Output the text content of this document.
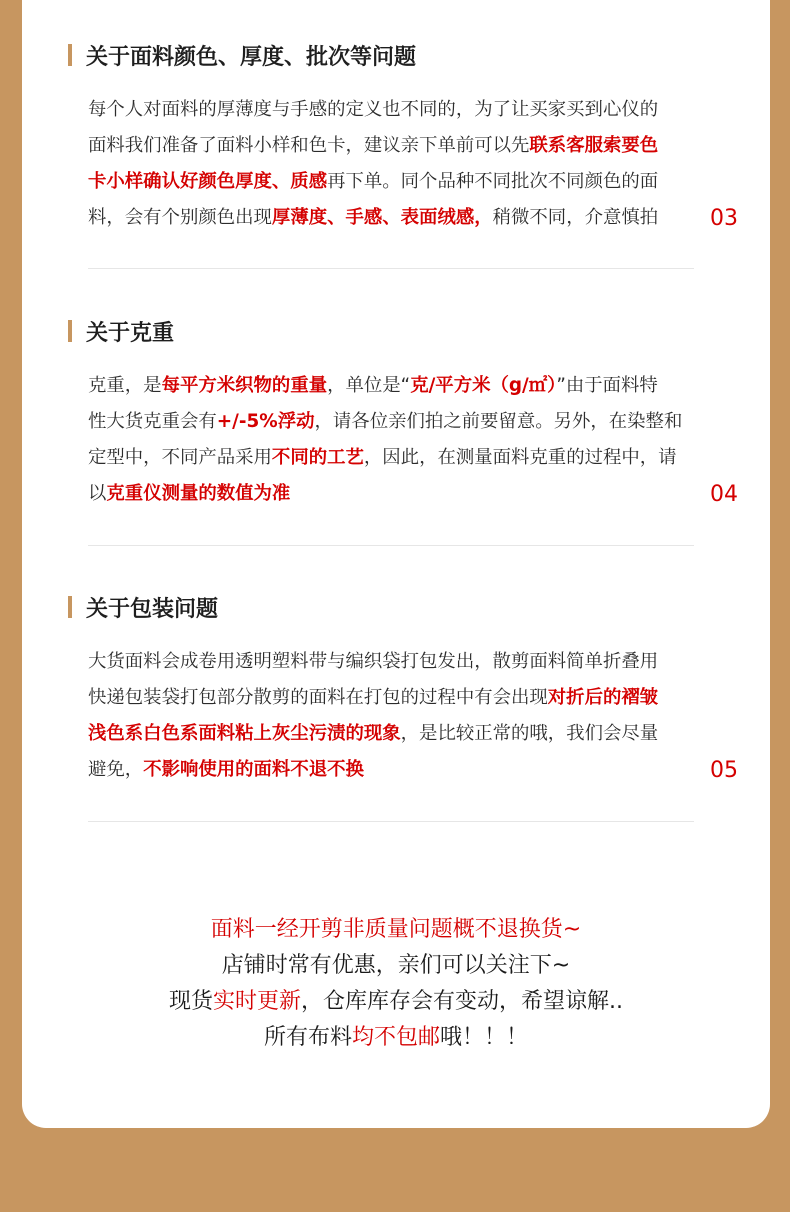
关于面料颜色、厚度、批次等问题
每个人对面料的厚薄度与手感的定义也不同的，为了让买家买到心仪的
面料我们准备了面料小样和色卡，建议亲下单前可以先联系客服索要色
卡小样确认好颜色厚度、质感再下单。同个品种不同批次不同颜色的面
料，会有个别颜色出现厚薄度、手感、表面绒感，稍微不同，介意慎拍	03
关于克重
克重，是每平方米织物的重量，单位是“克/平方米（g/㎡）”由于面料特
性大货克重会有+/-5%浮动，请各位亲们拍之前要留意。另外，在染整和
定型中，不同产品采用不同的工艺，因此，在测量面料克重的过程中，请
以克重仪测量的数值为准	04
关于包装问题
大货面料会成卷用透明塑料带与编织袋打包发出，散剪面料简单折叠用
快递包装袋打包部分散剪的面料在打包的过程中有会出现对折后的褶皱
浅色系白色系面料粘上灰尘污渍的现象，是比较正常的哦，我们会尽量
避免，不影响使用的面料不退不换	05
面料一经开剪非质量问题概不退换货~
店铺时常有优惠，亲们可以关注下~
现货实时更新，仓库库存会有变动，希望谅解..
所有布料均不包邮哦！！！
